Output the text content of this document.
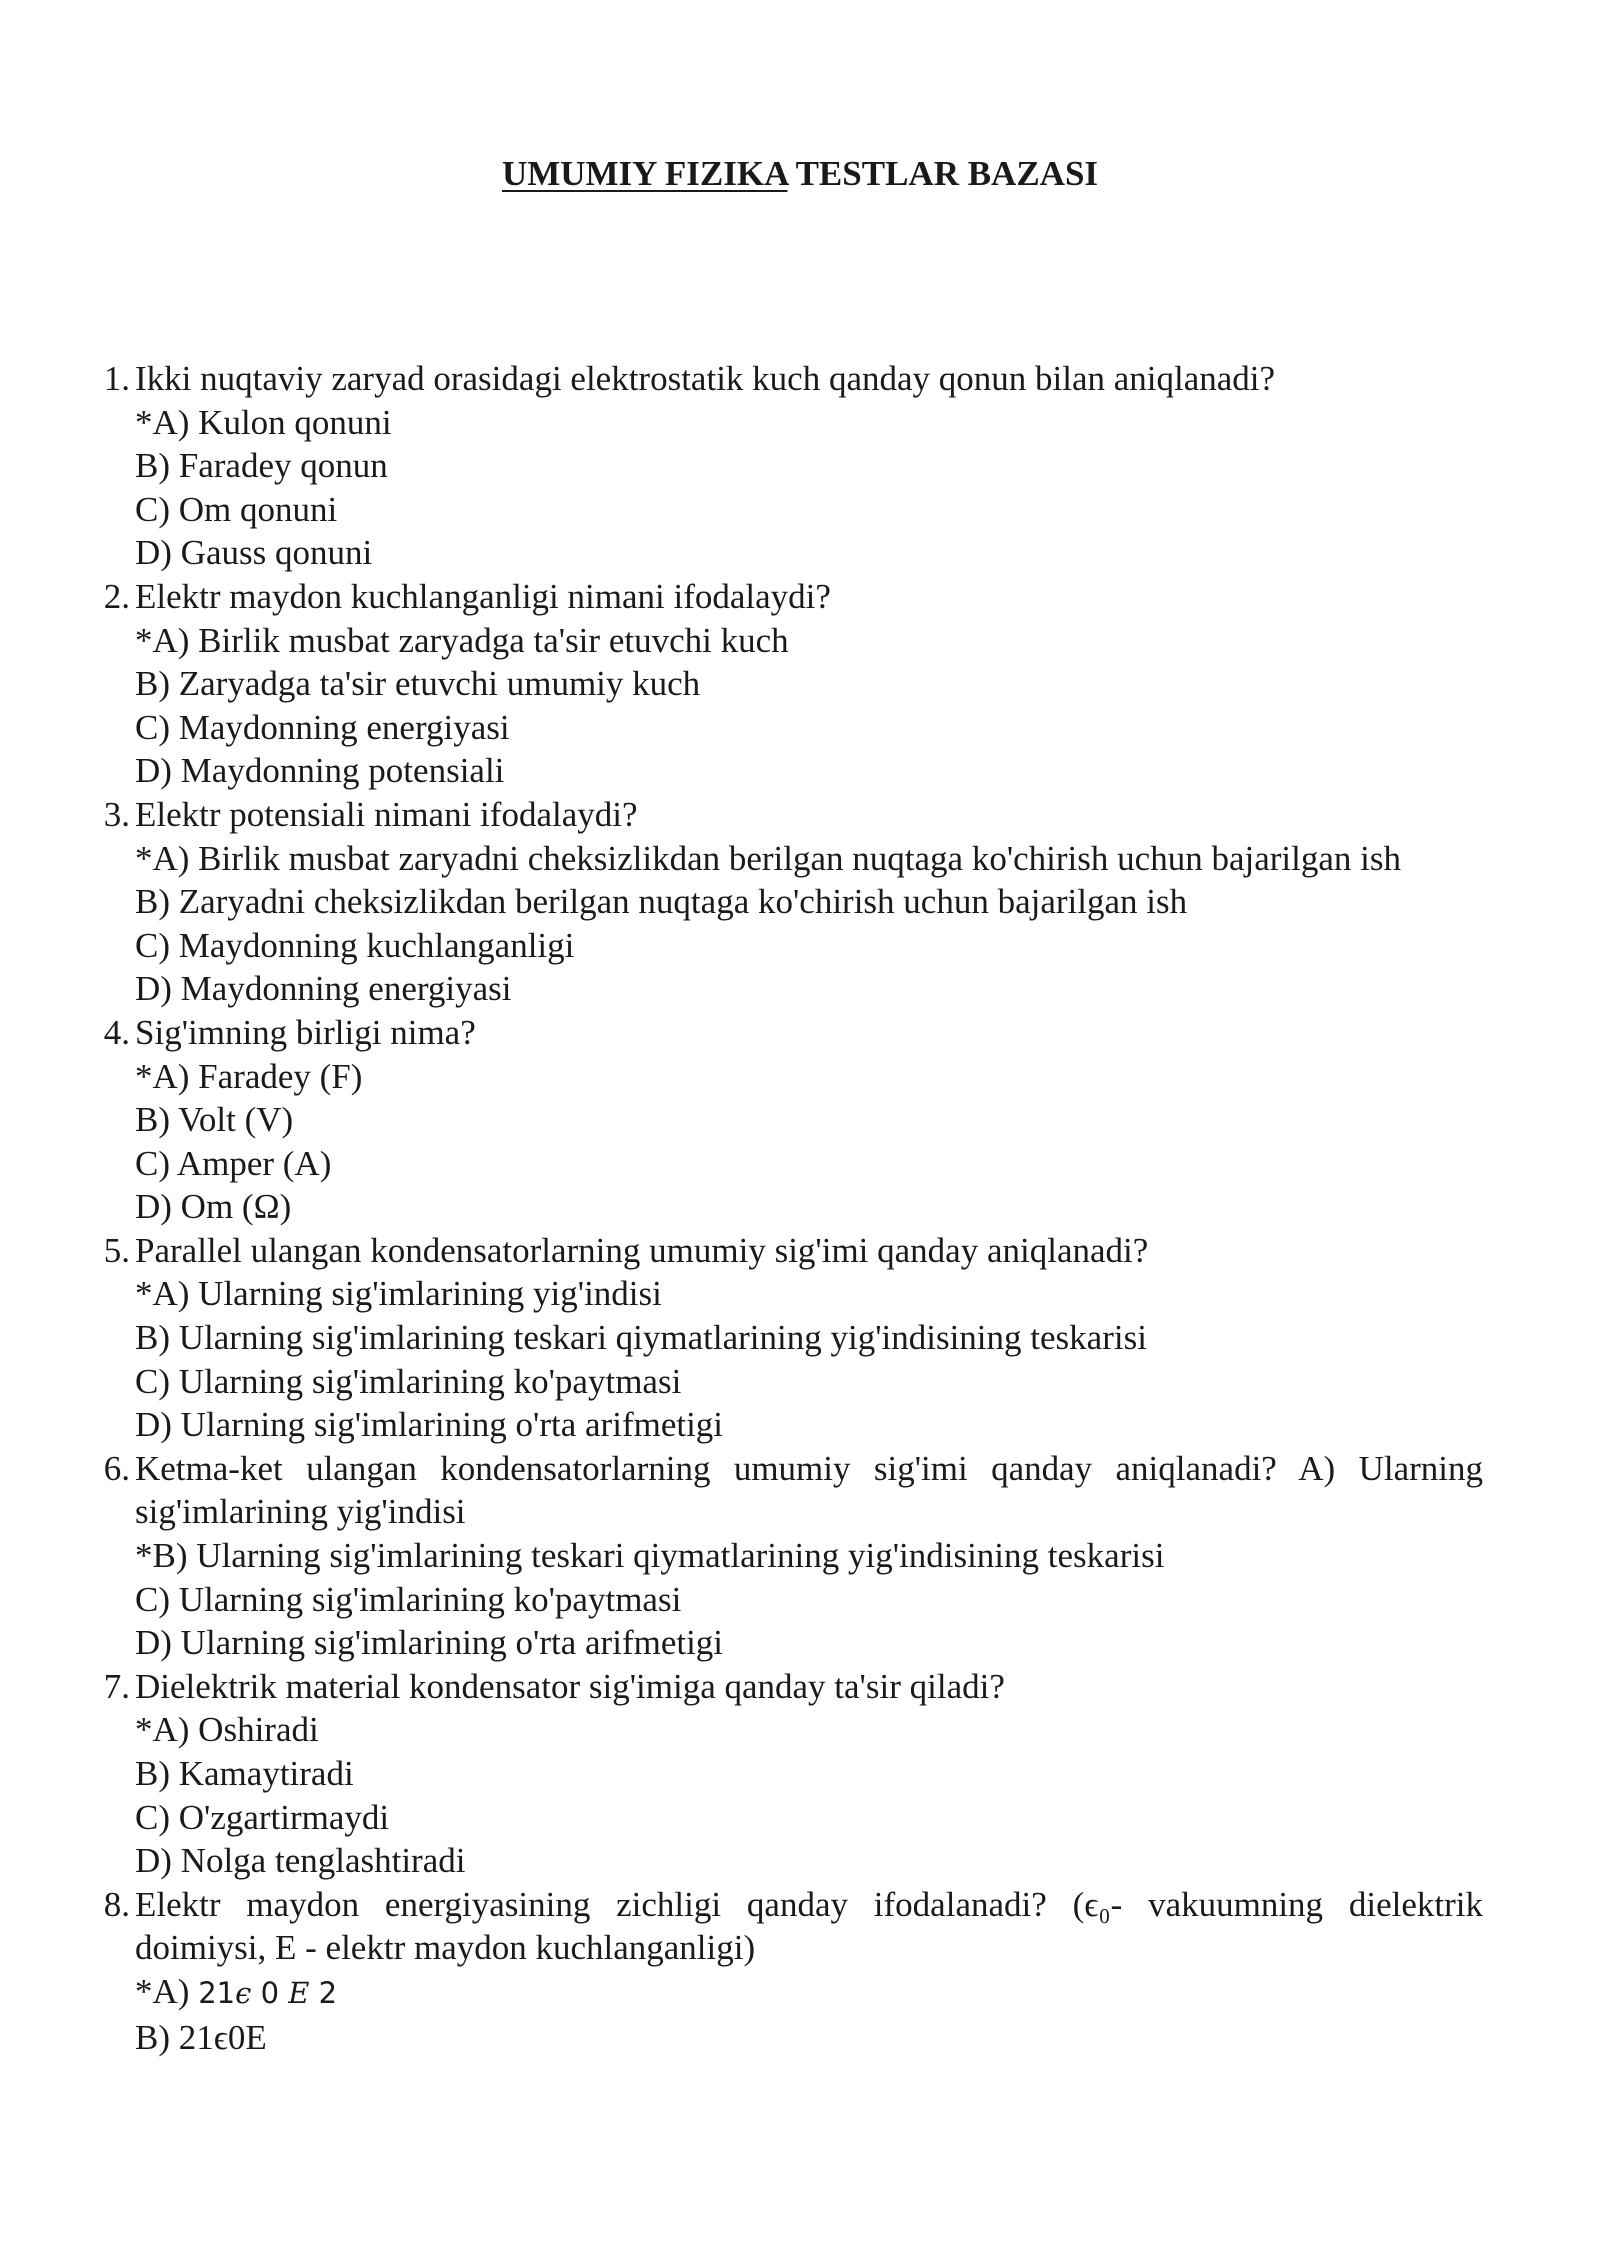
UMUMIY FIZIKA TESTLAR BAZASI
1. Ikki nuqtaviy zaryad orasidagi elektrostatik kuch qanday qonun bilan aniqlanadi?
*A) Kulon qonuni
B) Faradey qonun
C) Om qonuni
D) Gauss qonuni
2. Elektr maydon kuchlanganligi nimani ifodalaydi?
*A) Birlik musbat zaryadga ta'sir etuvchi kuch
B) Zaryadga ta'sir etuvchi umumiy kuch
C) Maydonning energiyasi
D) Maydonning potensiali
3. Elektr potensiali nimani ifodalaydi?
*A) Birlik musbat zaryadni cheksizlikdan berilgan nuqtaga ko'chirish uchun bajarilgan ish
B) Zaryadni cheksizlikdan berilgan nuqtaga ko'chirish uchun bajarilgan ish
C) Maydonning kuchlanganligi
D) Maydonning energiyasi
4. Sig'imning birligi nima?
*A) Faradey (F)
B) Volt (V)
C) Amper (A)
D) Om (Ω)
5. Parallel ulangan kondensatorlarning umumiy sig'imi qanday aniqlanadi?
*A) Ularning sig'imlarining yig'indisi
B) Ularning sig'imlarining teskari qiymatlarining yig'indisining teskarisi
C) Ularning sig'imlarining ko'paytmasi
D) Ularning sig'imlarining o'rta arifmetigi
6. Ketma-ket ulangan kondensatorlarning umumiy sig'imi qanday aniqlanadi? A) Ularning sig'imlarining yig'indisi
*B) Ularning sig'imlarining teskari qiymatlarining yig'indisining teskarisi
C) Ularning sig'imlarining ko'paytmasi
D) Ularning sig'imlarining o'rta arifmetigi
7. Dielektrik material kondensator sig'imiga qanday ta'sir qiladi?
*A) Oshiradi
B) Kamaytiradi
C) O'zgartirmaydi
D) Nolga tenglashtiradi
8. Elektr maydon energiyasining zichligi qanday ifodalanadi? (ϵ₀- vakuumning dielektrik doimiysi, E - elektr maydon kuchlanganligi)
*A) 21ϵ 0 E 2
B) 21ϵ0E
